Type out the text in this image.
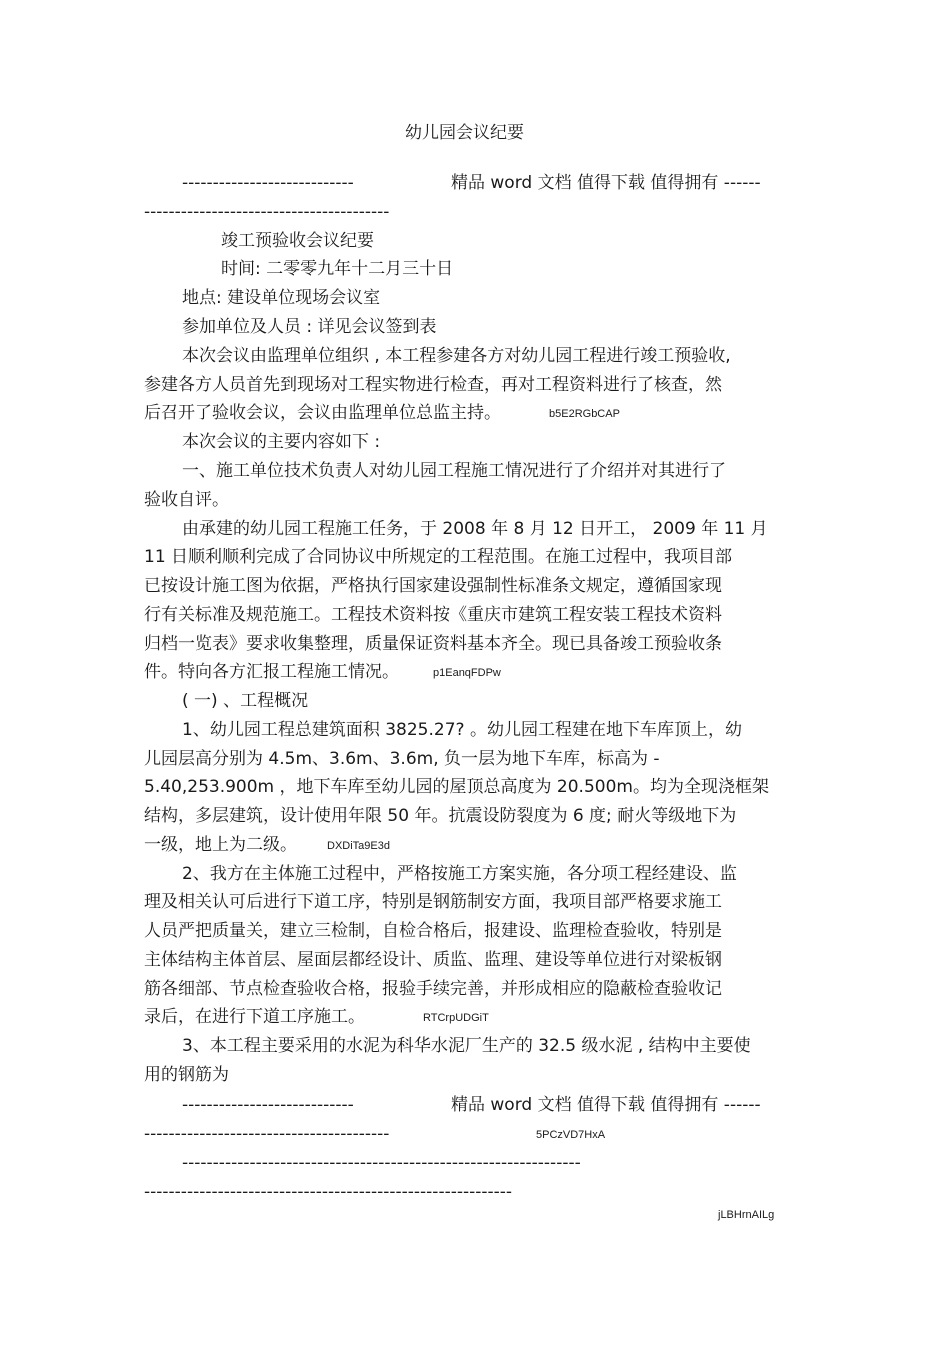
幼儿园会议纪要
----------------------------	精品 word 文档 值得下载 值得拥有 ------
----------------------------------------
竣工预验收会议纪要
时间: 二零零九年十二月三十日
地点: 建设单位现场会议室
参加单位及人员 : 详见会议签到表
本次会议由监理单位组织 , 本工程参建各方对幼儿园工程进行竣工预验收,
参建各方人员首先到现场对工程实物进行检查，再对工程资料进行了核查，然
后召开了验收会议，会议由监理单位总监主持。	b5E2RGbCAP
本次会议的主要内容如下 :
一、施工单位技术负责人对幼儿园工程施工情况进行了介绍并对其进行了
验收自评。
由承建的幼儿园工程施工任务，于 2008 年 8 月 12 日开工， 2009 年 11 月
11 日顺利顺利完成了合同协议中所规定的工程范围。在施工过程中，我项目部
已按设计施工图为依据，严格执行国家建设强制性标准条文规定，遵循国家现
行有关标准及规范施工。工程技术资料按《重庆市建筑工程安装工程技术资料
归档一览表》要求收集整理，质量保证资料基本齐全。现已具备竣工预验收条
件。特向各方汇报工程施工情况。	p1EanqFDPw
( 一) 、工程概况
1、幼儿园工程总建筑面积 3825.27? 。幼儿园工程建在地下车库顶上，幼
儿园层高分别为 4.5m、3.6m、3.6m, 负一层为地下车库，标高为 -
5.40,253.900m ，地下车库至幼儿园的屋顶总高度为 20.500m。均为全现浇框架
结构，多层建筑，设计使用年限 50 年。抗震设防裂度为 6 度; 耐火等级地下为
一级，地上为二级。	DXDiTa9E3d
2、我方在主体施工过程中，严格按施工方案实施，各分项工程经建设、监
理及相关认可后进行下道工序，特别是钢筋制安方面，我项目部严格要求施工
人员严把质量关，建立三检制，自检合格后，报建设、监理检查验收，特别是
主体结构主体首层、屋面层都经设计、质监、监理、建设等单位进行对梁板钢
筋各细部、节点检查验收合格，报验手续完善，并形成相应的隐蔽检查验收记
录后，在进行下道工序施工。	RTCrpUDGiT
3、本工程主要采用的水泥为科华水泥厂生产的 32.5 级水泥 , 结构中主要使
用的钢筋为
----------------------------	精品 word 文档 值得下载 值得拥有 ------
----------------------------------------	5PCzVD7HxA
-----------------------------------------------------------------
------------------------------------------------------------
jLBHrnAILg
